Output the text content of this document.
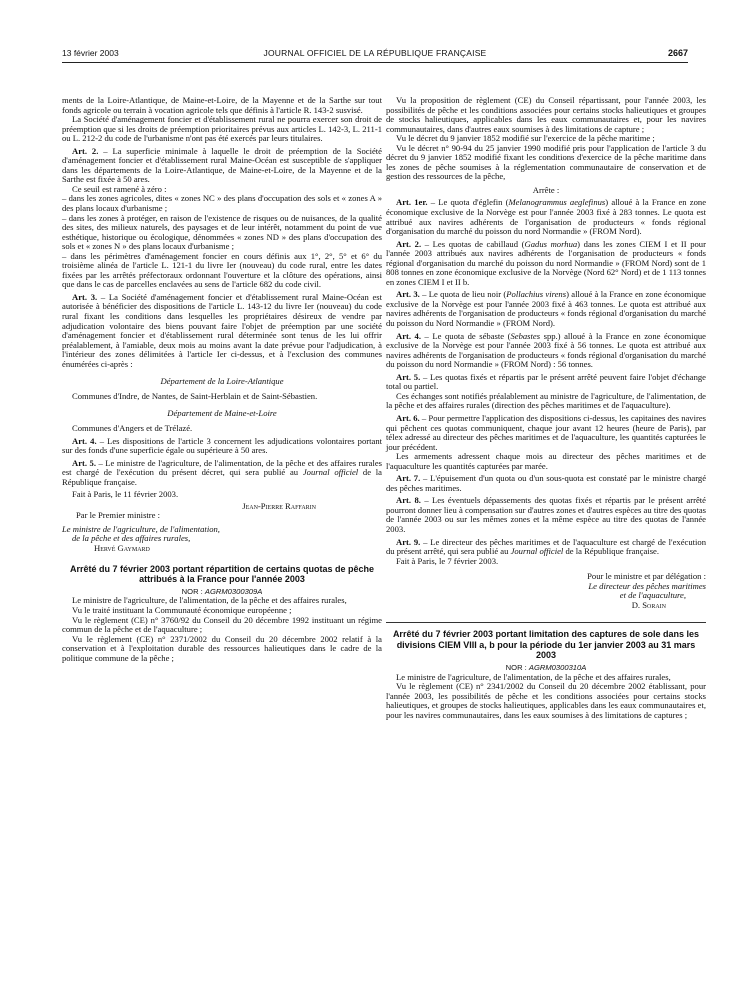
13 février 2003	JOURNAL OFFICIEL DE LA RÉPUBLIQUE FRANÇAISE	2667

ments de la Loire-Atlantique, de Maine-et-Loire, de la Mayenne et de la Sarthe sur tout fonds agricole ou terrain à vocation agricole tels que définis à l'article R. 143-2 susvisé.

La Société d'aménagement foncier et d'établissement rural ne pourra exercer son droit de préemption que si les droits de préemption prioritaires prévus aux articles L. 142-3, L. 211-1 ou L. 212-2 du code de l'urbanisme n'ont pas été exercés par leurs titulaires.

Art. 2. – La superficie minimale à laquelle le droit de préemption de la Société d'aménagement foncier et d'établissement rural Maine-Océan est susceptible de s'appliquer dans les départements de la Loire-Atlantique, de Maine-et-Loire, de la Mayenne et de la Sarthe est fixée à 50 ares.

Ce seuil est ramené à zéro :

– dans les zones agricoles, dites « zones NC » des plans d'occupation des sols et « zones A » des plans locaux d'urbanisme ;

– dans les zones à protéger, en raison de l'existence de risques ou de nuisances, de la qualité des sites, des milieux naturels, des paysages et de leur intérêt, notamment du point de vue esthétique, historique ou écologique, dénommées « zones ND » des plans d'occupation des sols et « zones N » des plans locaux d'urbanisme ;

– dans les périmètres d'aménagement foncier en cours définis aux 1°, 2°, 5° et 6° du troisième alinéa de l'article L. 121-1 du livre Ier (nouveau) du code rural, entre les dates fixées par les arrêtés préfectoraux ordonnant l'ouverture et la clôture des opérations, ainsi que dans le cas de parcelles enclavées au sens de l'article 682 du code civil.

Art. 3. – La Société d'aménagement foncier et d'établissement rural Maine-Océan est autorisée à bénéficier des dispositions de l'article L. 143-12 du livre Ier (nouveau) du code rural fixant les conditions dans lesquelles les propriétaires désireux de vendre par adjudication volontaire des biens pouvant faire l'objet de préemption par une société d'aménagement foncier et d'établissement rural déterminée sont tenus de les lui offrir préalablement, à l'amiable, deux mois au moins avant la date prévue pour l'adjudication, à l'intérieur des zones délimitées à l'article Ier ci-dessus, et à l'exclusion des communes énumérées ci-après :

Département de la Loire-Atlantique

Communes d'Indre, de Nantes, de Saint-Herblain et de Saint-Sébastien.

Département de Maine-et-Loire

Communes d'Angers et de Trélazé.

Art. 4. – Les dispositions de l'article 3 concernent les adjudications volontaires portant sur des fonds d'une superficie égale ou supérieure à 50 ares.

Art. 5. – Le ministre de l'agriculture, de l'alimentation, de la pêche et des affaires rurales est chargé de l'exécution du présent décret, qui sera publié au Journal officiel de la République française.

Fait à Paris, le 11 février 2003.

Jean-Pierre Raffarin

Par le Premier ministre :

Le ministre de l'agriculture, de l'alimentation,

de la pêche et des affaires rurales,

Hervé Gaymard

Arrêté du 7 février 2003 portant répartition de certains quotas de pêche attribués à la France pour l'année 2003

NOR : AGRM0300309A

Le ministre de l'agriculture, de l'alimentation, de la pêche et des affaires rurales,

Vu le traité instituant la Communauté économique européenne ;

Vu le règlement (CE) n° 3760/92 du Conseil du 20 décembre 1992 instituant un régime commun de la pêche et de l'aquaculture ;

Vu le règlement (CE) n° 2371/2002 du Conseil du 20 décembre 2002 relatif à la conservation et à l'exploitation durable des ressources halieutiques dans le cadre de la politique commune de la pêche ;

Vu la proposition de règlement (CE) du Conseil répartissant, pour l'année 2003, les possibilités de pêche et les conditions associées pour certains stocks halieutiques et groupes de stocks halieutiques, applicables dans les eaux communautaires et, pour les navires communautaires, dans d'autres eaux soumises à des limitations de capture ;

Vu le décret du 9 janvier 1852 modifié sur l'exercice de la pêche maritime ;

Vu le décret n° 90-94 du 25 janvier 1990 modifié pris pour l'application de l'article 3 du décret du 9 janvier 1852 modifié fixant les conditions d'exercice de la pêche maritime dans les zones de pêche soumises à la réglementation communautaire de conservation et de gestion des ressources de la pêche,

Arrête :

Art. 1er. – Le quota d'églefin (Melanogrammus aeglefinus) alloué à la France en zone économique exclusive de la Norvège est pour l'année 2003 fixé à 283 tonnes. Le quota est attribué aux navires adhérents de l'organisation de producteurs « fonds régional d'organisation du marché du poisson du nord Normandie » (FROM Nord).

Art. 2. – Les quotas de cabillaud (Gadus morhua) dans les zones CIEM I et II pour l'année 2003 attribués aux navires adhérents de l'organisation de producteurs « fonds régional d'organisation du marché du poisson du nord Normandie » (FROM Nord) sont de 1 808 tonnes en zone économique exclusive de la Norvège (Nord 62° Nord) et de 1 113 tonnes en zones CIEM I et II b.

Art. 3. – Le quota de lieu noir (Pollachius virens) alloué à la France en zone économique exclusive de la Norvège est pour l'année 2003 fixé à 463 tonnes. Le quota est attribué aux navires adhérents de l'organisation de producteurs « fonds régional d'organisation du marché du poisson du Nord Normandie » (FROM Nord).

Art. 4. – Le quota de sébaste (Sebastes spp.) alloué à la France en zone économique exclusive de la Norvège est pour l'année 2003 fixé à 56 tonnes. Le quota est attribué aux navires adhérents de l'organisation de producteurs « fonds régional d'organisation du marché du poisson du nord Normandie » (FROM Nord) : 56 tonnes.

Art. 5. – Les quotas fixés et répartis par le présent arrêté peuvent faire l'objet d'échange total ou partiel.

Ces échanges sont notifiés préalablement au ministre de l'agriculture, de l'alimentation, de la pêche et des affaires rurales (direction des pêches maritimes et de l'aquaculture).

Art. 6. – Pour permettre l'application des dispositions ci-dessus, les capitaines des navires qui pêchent ces quotas communiquent, chaque jour avant 12 heures (heure de Paris), par télex adressé au directeur des pêches maritimes et de l'aquaculture, les quantités capturées le jour précédent.

Les armements adressent chaque mois au directeur des pêches maritimes et de l'aquaculture les quantités capturées par marée.

Art. 7. – L'épuisement d'un quota ou d'un sous-quota est constaté par le ministre chargé des pêches maritimes.

Art. 8. – Les éventuels dépassements des quotas fixés et répartis par le présent arrêté pourront donner lieu à compensation sur d'autres zones et d'autres espèces au titre des quotas de l'année 2003 ou sur les mêmes zones et la même espèce au titre des quotas de l'année 2003.

Art. 9. – Le directeur des pêches maritimes et de l'aquaculture est chargé de l'exécution du présent arrêté, qui sera publié au Journal officiel de la République française.

Fait à Paris, le 7 février 2003.

Pour le ministre et par délégation :

Le directeur des pêches maritimes

et de l'aquaculture,

D. Sorain

Arrêté du 7 février 2003 portant limitation des captures de sole dans les divisions CIEM VIII a, b pour la période du 1er janvier 2003 au 31 mars 2003

NOR : AGRM0300310A

Le ministre de l'agriculture, de l'alimentation, de la pêche et des affaires rurales,

Vu le règlement (CE) n° 2341/2002 du Conseil du 20 décembre 2002 établissant, pour l'année 2003, les possibilités de pêche et les conditions associées pour certains stocks halieutiques, et groupes de stocks halieutiques, applicables dans les eaux communautaires et, pour les navires communautaires, dans les eaux soumises à des limitations de captures ;
